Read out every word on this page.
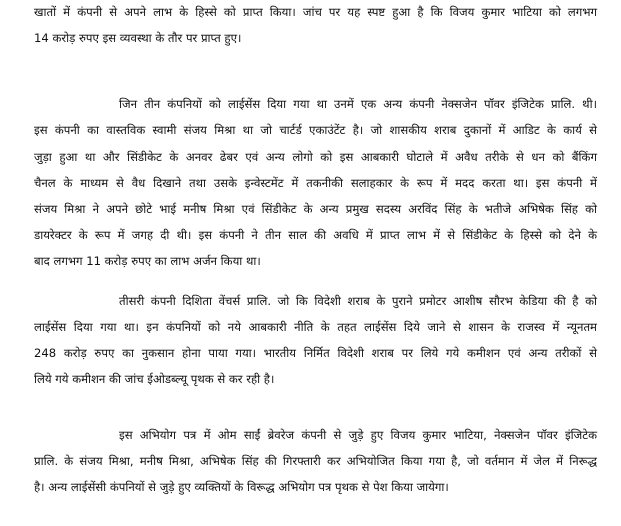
खातों में कंपनी से अपने लाभ के हिस्से को प्राप्त किया। जांच पर यह स्पष्ट हुआ है कि विजय कुमार भाटिया को लगभग
14 करोड़ रुपए इस व्यवस्था के तौर पर प्राप्त हुए।
जिन तीन कंपनियों को लाईसेंस दिया गया था उनमें एक अन्य कंपनी नेक्सजेन पॉवर इंजिटेक प्रालि. थी।
इस कंपनी का वास्तविक स्वामी संजय मिश्रा था जो चार्टर्ड एकाउंटेंट है। जो शासकीय शराब दुकानों में आडिट के कार्य से
जुड़ा हुआ था और सिंडीकेट के अनवर ढेबर एवं अन्य लोगो को इस आबकारी घोटाले में अवैध तरीके से धन को बैंकिंग
चैनल के माध्यम से वैध दिखाने तथा उसके इन्वेस्टमेंट में तकनीकी सलाहकार के रूप में मदद करता था। इस कंपनी में
संजय मिश्रा ने अपने छोटे भाई मनीष मिश्रा एवं सिंडीकेट के अन्य प्रमुख सदस्य अरविंद सिंह के भतीजे अभिषेक सिंह को
डायरेक्टर के रूप में जगह दी थी। इस कंपनी ने तीन साल की अवधि में प्राप्त लाभ में से सिंडीकेट के हिस्से को देने के
बाद लगभग 11 करोड़ रुपए का लाभ अर्जन किया था।
तीसरी कंपनी दिशिता वेंचर्स प्रालि. जो कि विदेशी शराब के पुराने प्रमोटर आशीष सौरभ केडिया की है को
लाईसेंस दिया गया था। इन कंपनियों को नये आबकारी नीति के तहत लाईसेंस दिये जाने से शासन के राजस्व में न्यूनतम
248 करोड़ रुपए का नुकसान होना पाया गया। भारतीय निर्मित विदेशी शराब पर लिये गये कमीशन एवं अन्य तरीकों से
लिये गये कमीशन की जांच ईओडब्ल्यू पृथक से कर रही है।
इस अभियोग पत्र में ओम साईं ब्रेवरेज कंपनी से जुड़े हुए विजय कुमार भाटिया, नेक्सजेन पॉवर इंजिटेक
प्रालि. के संजय मिश्रा, मनीष मिश्रा, अभिषेक सिंह की गिरफ्तारी कर अभियोजित किया गया है, जो वर्तमान में जेल में निरूद्ध
है। अन्य लाईसेंसी कंपनियों से जुड़े हुए व्यक्तियों के विरूद्ध अभियोग पत्र पृथक से पेश किया जायेगा।
